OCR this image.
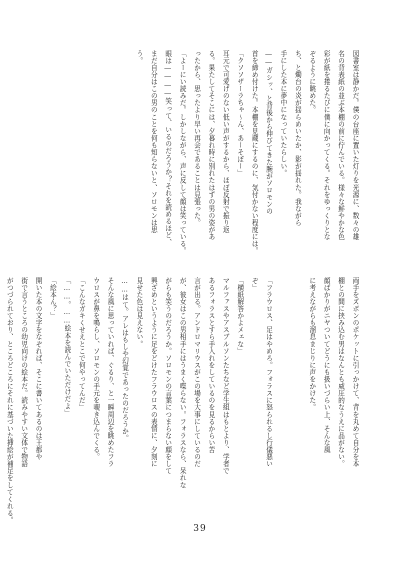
図書室は静かだ。僕の台座に置いた灯りを光源に、数々の雄
名の背表紙の並ぶ本棚の前に佇んでいる。様々な鮮やかな色
彩が紙を捲るたびに僕に向かってくる。それをゆっくりとな
ぞるように眺めた。
ち、と燭台の炎が揺らめいたか、影が揺れた。我ながら
手にした本に夢中になっていたらしい。
――ガシッ、と背後から伸びてきた腕がソロモンの
首を締め付けた。本棚を見蔵にするのに、気付かない程度には。
「クソソザーラちゃ～ん、あーそぼー」
耳元で可愛げのない低い声がするから、ほぼ反射で振り返
る。果たしてそこには、夕暮れ時に別れたはずの男の姿があ
ったから、思ったより早い再会であることは見張った。
「よーにい読みだ。しかしながら、声に反して顔は笑っている。
眼は――――笑って、いるのだろうか？それを読めるほど、
まだ自分はこの男のことを何も知らないと、ソロモンは思
う。
両手をズボンのポケットに引っかけて、背を丸めて自分を本
棚との間に挟み込む男はなんとも威圧的なうえに品がない。
顔ばかりがニヤついてどうにも扱いづらい上、そんな風
に考えながらも溜息まじりに声をかけた。

「フラウロス、足はやめろ。フォラスに怒られるし行儀悪い
ぞ」
「横紙解答かよメェな」
マルファスやアスブルソンたちなど学生組はもとより、学者で
あるフォラスとすら手入れをしているのを見るからい苦
言が出る。アンドロマリウスがこの場を大事にしているのだ
が、彼女はこの男相手にはうまく喋らない。フォラスなら、呆れな
がらも笑うのだろうか。ソロモンの言葉につまらない顔をして
興ざめというように足をどけたフラウロスの表情に、夕刻に
見せた色は見えない。
……はて。アレはもしや幻覚であったのだろうか。
そんな風に思っていれば、ぐるり、と一瞬周辺を眺めたフラ
ウロスが鼻を鳴らし、ソロモンの手元を覗き込んでくる。
「こんなガキくせえとこで何やってんだ」
「……。……絵本を読んでいただけだよ」
「絵本ん？」
開いた本の文字をなぞれば、そこに書いてあるのは王都や
街で言うところの幼児向けの絵本だ。読みやすい文体で物語
がつづられており、ところどころにそれに基づいた挿絵が補足をしてくれる。
39
